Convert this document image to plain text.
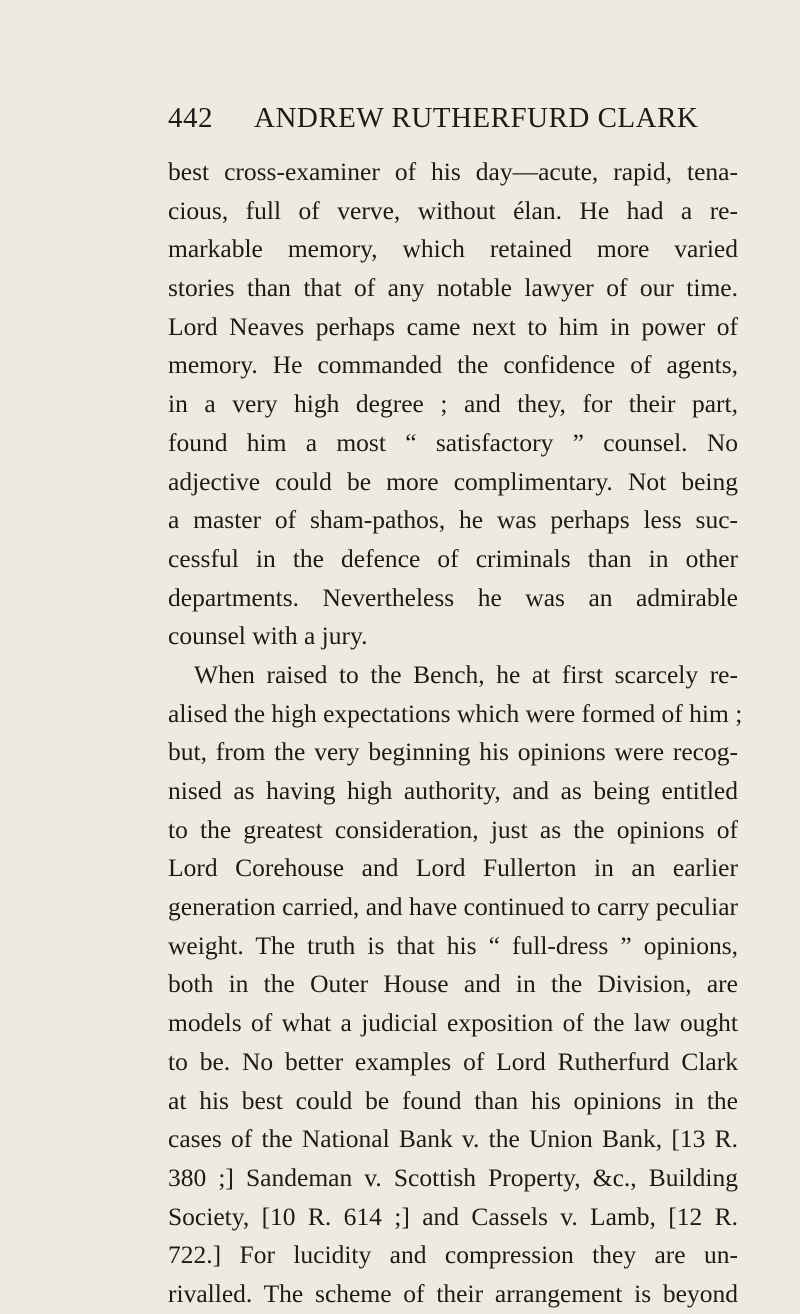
442 ANDREW RUTHERFURD CLARK
best cross-examiner of his day—acute, rapid, tena-
cious, full of verve, without élan. He had a re-
markable memory, which retained more varied
stories than that of any notable lawyer of our time.
Lord Neaves perhaps came next to him in power of
memory. He commanded the confidence of agents,
in a very high degree ; and they, for their part,
found him a most “ satisfactory ” counsel. No
adjective could be more complimentary. Not being
a master of sham-pathos, he was perhaps less suc-
cessful in the defence of criminals than in other
departments. Nevertheless he was an admirable
counsel with a jury.
When raised to the Bench, he at first scarcely re-
alised the high expectations which were formed of him ;
but, from the very beginning his opinions were recog-
nised as having high authority, and as being entitled
to the greatest consideration, just as the opinions of
Lord Corehouse and Lord Fullerton in an earlier
generation carried, and have continued to carry peculiar
weight. The truth is that his “ full-dress ” opinions,
both in the Outer House and in the Division, are
models of what a judicial exposition of the law ought
to be. No better examples of Lord Rutherfurd Clark
at his best could be found than his opinions in the
cases of the National Bank v. the Union Bank, [13 R.
380 ;] Sandeman v. Scottish Property, &c., Building
Society, [10 R. 614 ;] and Cassels v. Lamb, [12 R.
722.] For lucidity and compression they are un-
rivalled. The scheme of their arrangement is beyond
